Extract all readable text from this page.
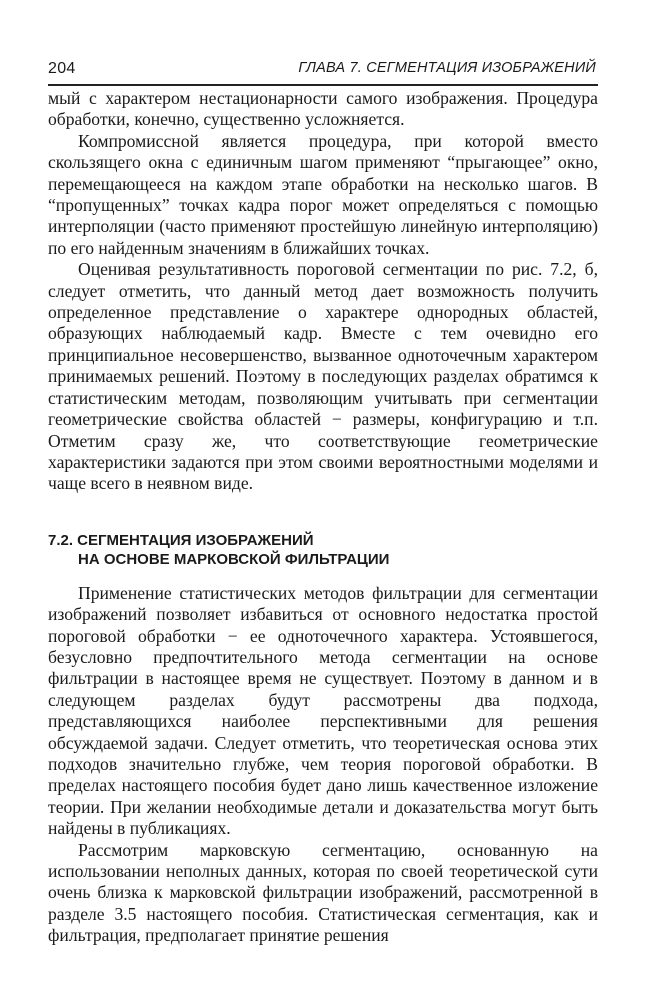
204	ГЛАВА 7. СЕГМЕНТАЦИЯ ИЗОБРАЖЕНИЙ

мый с характером нестационарности самого изображения. Процедура обработки, конечно, существенно усложняется.

Компромиссной является процедура, при которой вместо скользящего окна с единичным шагом применяют “прыгающее” окно, перемещающееся на каждом этапе обработки на несколько шагов. В “пропущенных” точках кадра порог может определяться с помощью интерполяции (часто применяют простейшую линейную интерполяцию) по его найденным значениям в ближайших точках.

Оценивая результативность пороговой сегментации по рис. 7.2, б, следует отметить, что данный метод дает возможность получить определенное представление о характере однородных областей, образующих наблюдаемый кадр. Вместе с тем очевидно его принципиальное несовершенство, вызванное одноточечным характером принимаемых решений. Поэтому в последующих разделах обратимся к статистическим методам, позволяющим учитывать при сегментации геометрические свойства областей − размеры, конфигурацию и т.п. Отметим сразу же, что соответствующие геометрические характеристики задаются при этом своими вероятностными моделями и чаще всего в неявном виде.

7.2. СЕГМЕНТАЦИЯ ИЗОБРАЖЕНИЙ
НА ОСНОВЕ МАРКОВСКОЙ ФИЛЬТРАЦИИ

Применение статистических методов фильтрации для сегментации изображений позволяет избавиться от основного недостатка простой пороговой обработки − ее одноточечного характера. Устоявшегося, безусловно предпочтительного метода сегментации на основе фильтрации в настоящее время не существует. Поэтому в данном и в следующем разделах будут рассмотрены два подхода, представляющихся наиболее перспективными для решения обсуждаемой задачи. Следует отметить, что теоретическая основа этих подходов значительно глубже, чем теория пороговой обработки. В пределах настоящего пособия будет дано лишь качественное изложение теории. При желании необходимые детали и доказательства могут быть найдены в публикациях.

Рассмотрим марковскую сегментацию, основанную на использовании неполных данных, которая по своей теоретической сути очень близка к марковской фильтрации изображений, рассмотренной в разделе 3.5 настоящего пособия. Статистическая сегментация, как и фильтрация, предполагает принятие решения
